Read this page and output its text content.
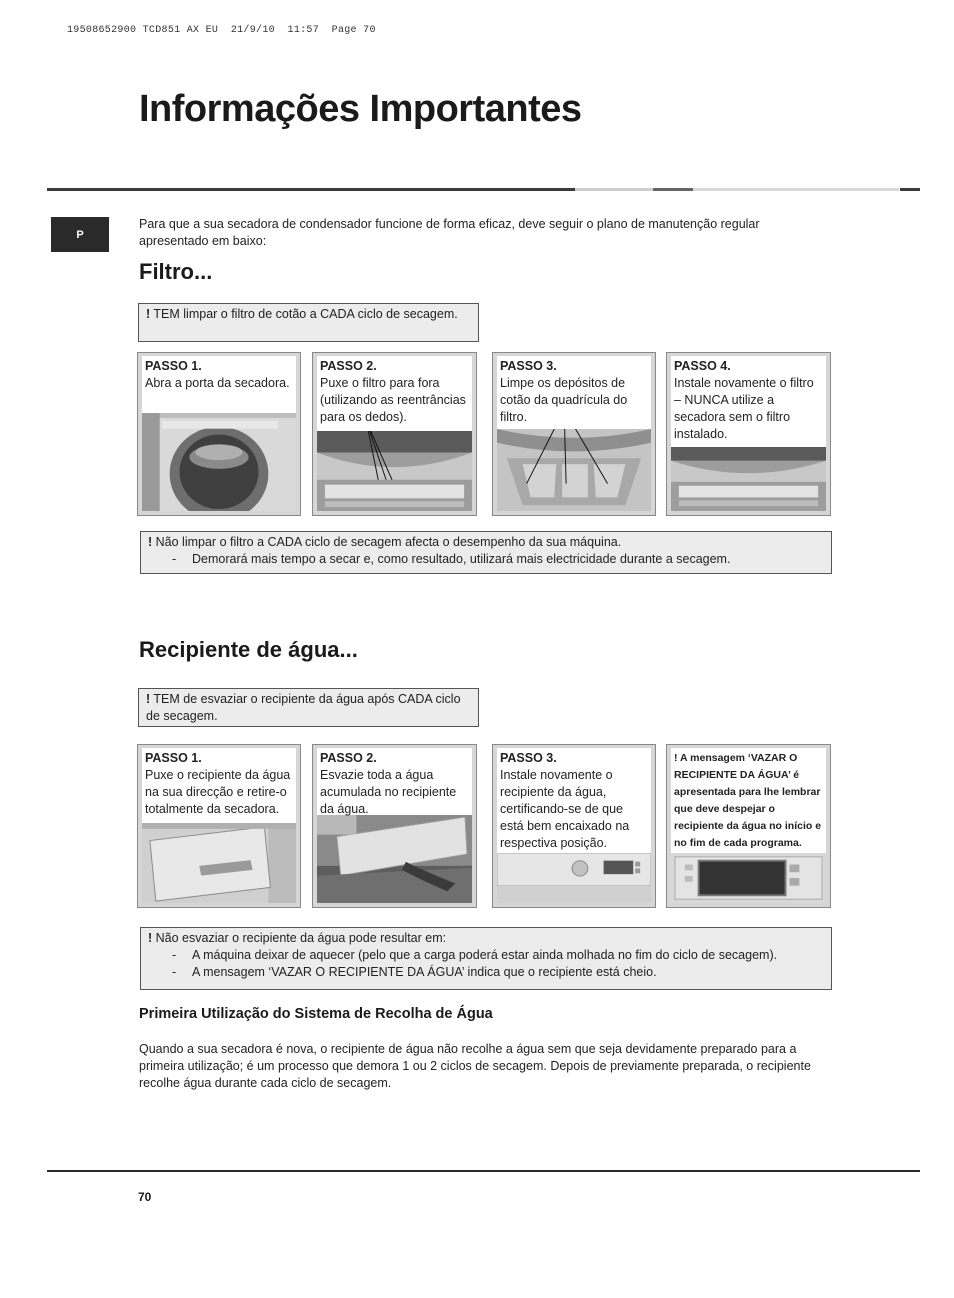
19508652900 TCD851 AX EU  21/9/10  11:57  Page 70
Informações Importantes
P
Para que a sua secadora de condensador funcione de forma eficaz, deve seguir o plano de manutenção regular apresentado em baixo:
Filtro...
! TEM limpar o filtro de cotão a CADA ciclo de secagem.
PASSO 1.
Abra a porta da secadora.
PASSO 2.
Puxe o filtro para fora (utilizando as reentrâncias para os dedos).
PASSO 3.
Limpe os depósitos de cotão da quadrícula do filtro.
PASSO 4.
Instale novamente o filtro – NUNCA utilize a secadora sem o filtro instalado.
! Não limpar o filtro a CADA ciclo de secagem afecta o desempenho da sua máquina.
- Demorará mais tempo a secar e, como resultado, utilizará mais electricidade durante a secagem.
Recipiente de água...
! TEM de esvaziar o recipiente da água após CADA ciclo de secagem.
PASSO 1.
Puxe o recipiente da água na sua direcção e retire-o totalmente da secadora.
PASSO 2.
Esvazie toda a água acumulada no recipiente da água.
PASSO 3.
Instale novamente o recipiente da água, certificando-se de que está bem encaixado na respectiva posição.
! A mensagem ‘VAZAR O RECIPIENTE DA ÁGUA’ é apresentada para lhe lembrar que deve despejar o recipiente da água no início e no fim de cada programa.
! Não esvaziar o recipiente da água pode resultar em:
- A máquina deixar de aquecer (pelo que a carga poderá estar ainda molhada no fim do ciclo de secagem).
- A mensagem ‘VAZAR O RECIPIENTE DA ÁGUA’ indica que o recipiente está cheio.
Primeira Utilização do Sistema de Recolha de Água
Quando a sua secadora é nova, o recipiente de água não recolhe a água sem que seja devidamente preparado para a primeira utilização; é um processo que demora 1 ou 2 ciclos de secagem. Depois de previamente preparada, o recipiente recolhe água durante cada ciclo de secagem.
70
